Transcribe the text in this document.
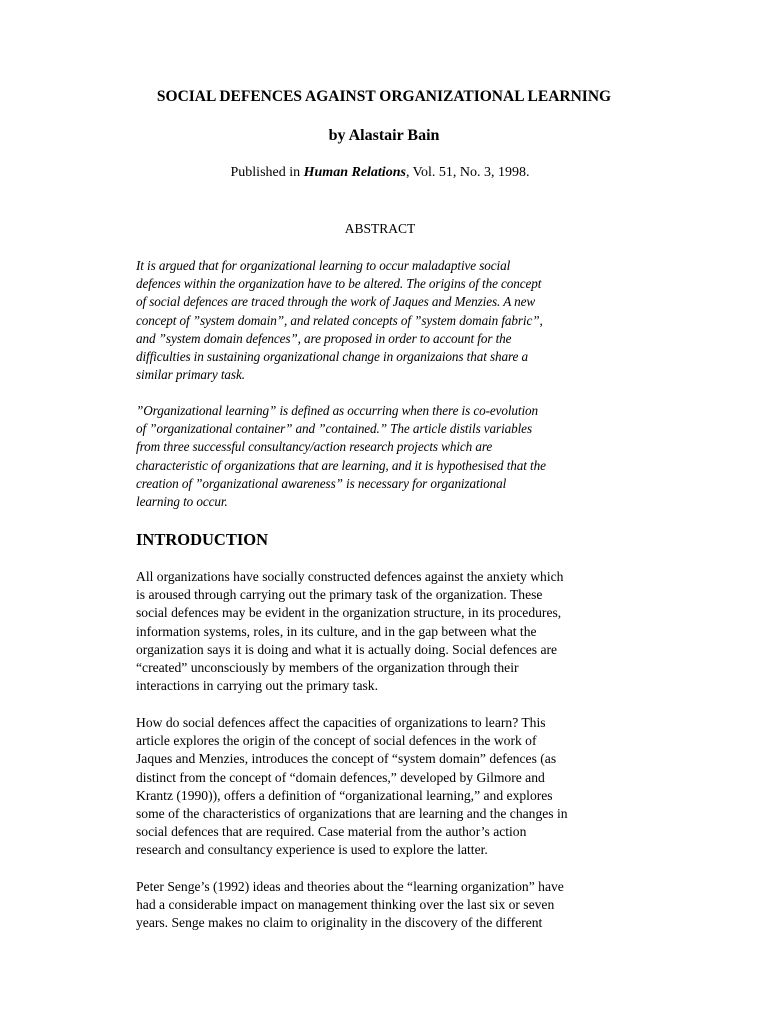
SOCIAL DEFENCES AGAINST ORGANIZATIONAL LEARNING
by Alastair Bain
Published in Human Relations, Vol. 51, No. 3, 1998.
ABSTRACT
It is argued that for organizational learning to occur maladaptive social
defences within the organization have to be altered. The origins of the concept
of social defences are traced through the work of Jaques and Menzies. A new
concept of ”system domain”, and related concepts of ”system domain fabric”,
and ”system domain defences”, are proposed in order to account for the
difficulties in sustaining organizational change in organizaions that share a
similar primary task.
”Organizational learning” is defined as occurring when there is co-evolution
of ”organizational container” and ”contained.” The article distils variables
from three successful consultancy/action research projects which are
characteristic of organizations that are learning, and it is hypothesised that the
creation of ”organizational awareness” is necessary for organizational
learning to occur.
INTRODUCTION
All organizations have socially constructed defences against the anxiety which
is aroused through carrying out the primary task of the organization. These
social defences may be evident in the organization structure, in its procedures,
information systems, roles, in its culture, and in the gap between what the
organization says it is doing and what it is actually doing. Social defences are
“created” unconsciously by members of the organization through their
interactions in carrying out the primary task.
How do social defences affect the capacities of organizations to learn? This
article explores the origin of the concept of social defences in the work of
Jaques and Menzies, introduces the concept of “system domain” defences (as
distinct from the concept of “domain defences,” developed by Gilmore and
Krantz (1990)), offers a definition of “organizational learning,” and explores
some of the characteristics of organizations that are learning and the changes in
social defences that are required. Case material from the author’s action
research and consultancy experience is used to explore the latter.
Peter Senge’s (1992) ideas and theories about the “learning organization” have
had a considerable impact on management thinking over the last six or seven
years. Senge makes no claim to originality in the discovery of the different
